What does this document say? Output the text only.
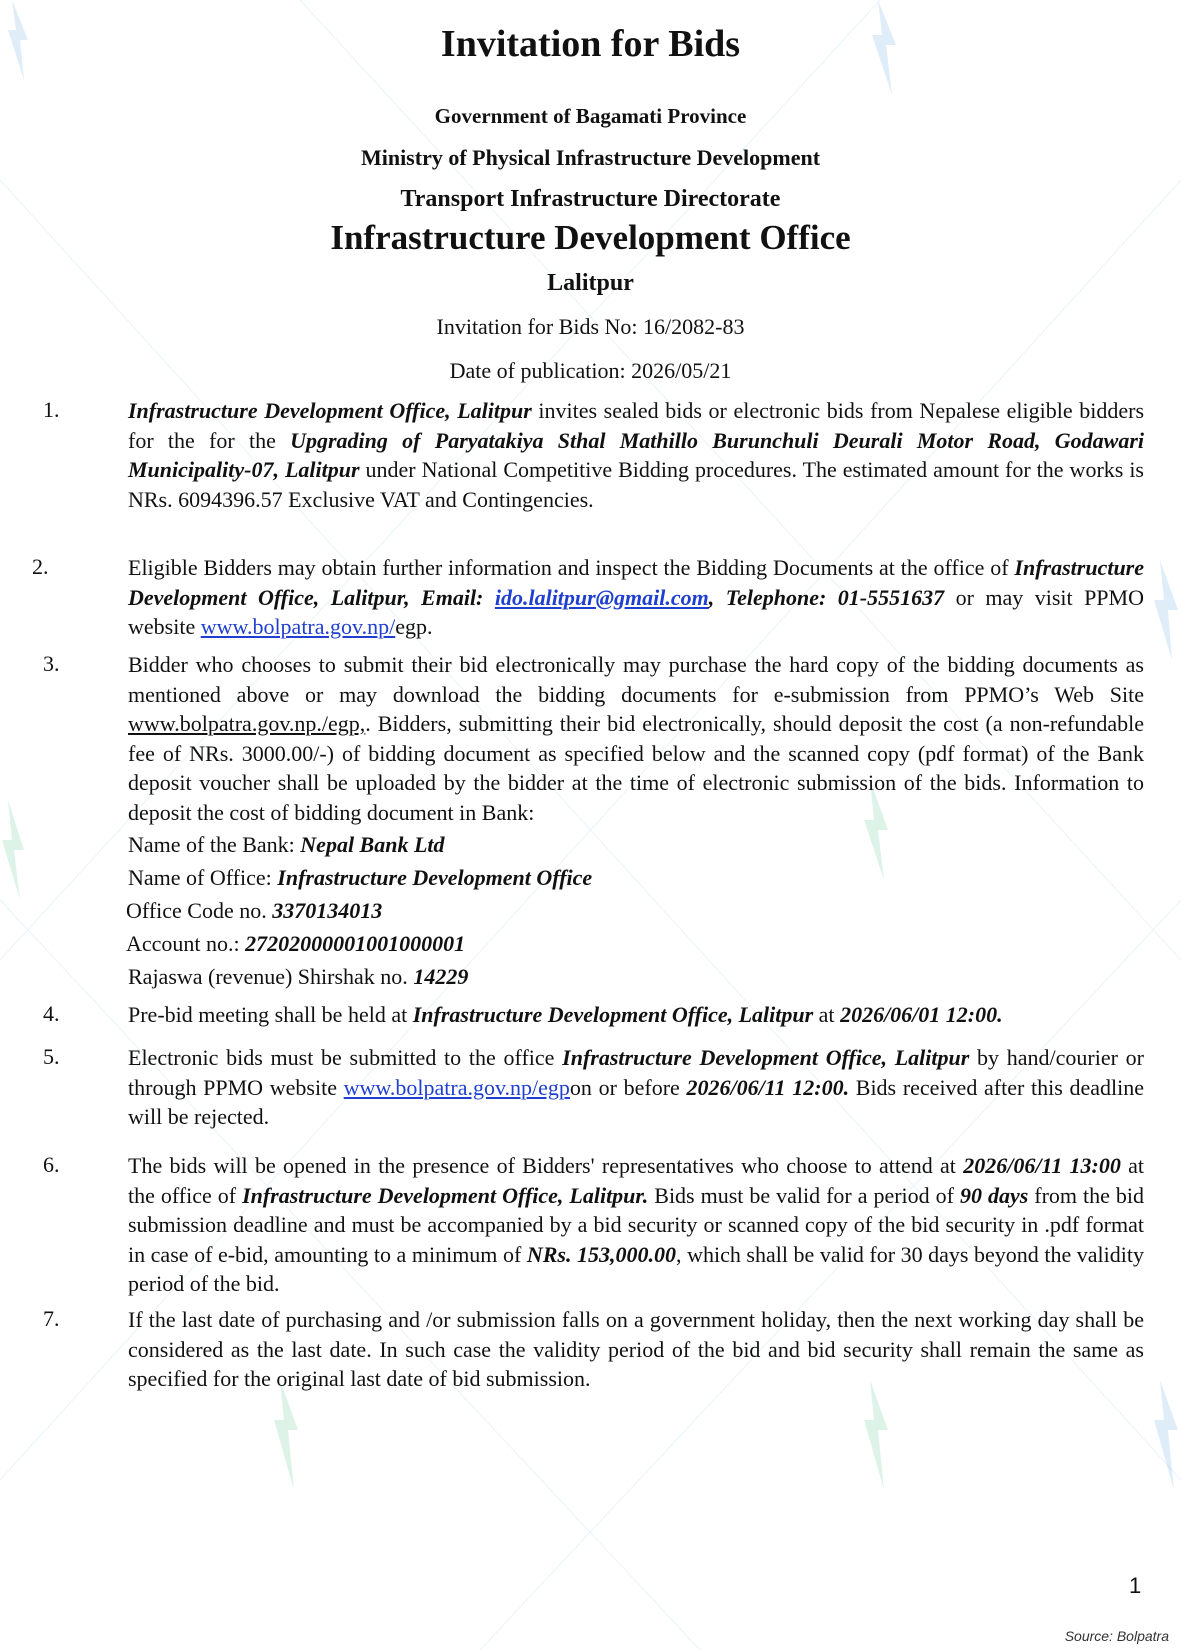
Invitation for Bids
Government of Bagamati Province
Ministry of Physical Infrastructure Development
Transport Infrastructure Directorate
Infrastructure Development Office
Lalitpur
Invitation for Bids No: 16/2082-83
Date of publication: 2026/05/21
1.	Infrastructure Development Office, Lalitpur invites sealed bids or electronic bids from Nepalese eligible bidders for the for the Upgrading of Paryatakiya Sthal Mathillo Burunchuli Deurali Motor Road, Godawari Municipality-07, Lalitpur under National Competitive Bidding procedures. The estimated amount for the works is NRs. 6094396.57 Exclusive VAT and Contingencies.
2.	Eligible Bidders may obtain further information and inspect the Bidding Documents at the office of Infrastructure Development Office, Lalitpur, Email: ido.lalitpur@gmail.com, Telephone: 01-5551637 or may visit PPMO website www.bolpatra.gov.np/egp.
3.	Bidder who chooses to submit their bid electronically may purchase the hard copy of the bidding documents as mentioned above or may download the bidding documents for e-submission from PPMO’s Web Site www.bolpatra.gov.np./egp,. Bidders, submitting their bid electronically, should deposit the cost (a non-refundable fee of NRs. 3000.00/-) of bidding document as specified below and the scanned copy (pdf format) of the Bank deposit voucher shall be uploaded by the bidder at the time of electronic submission of the bids. Information to deposit the cost of bidding document in Bank:
Name of the Bank: Nepal Bank Ltd
Name of Office: Infrastructure Development Office
Office Code no. 3370134013
Account no.: 27202000001001000001
Rajaswa (revenue) Shirshak no. 14229
4.	Pre-bid meeting shall be held at Infrastructure Development Office, Lalitpur at 2026/06/01 12:00.
5.	Electronic bids must be submitted to the office Infrastructure Development Office, Lalitpur by hand/courier or through PPMO website www.bolpatra.gov.np/egpon or before 2026/06/11 12:00. Bids received after this deadline will be rejected.
6.	The bids will be opened in the presence of Bidders' representatives who choose to attend at 2026/06/11 13:00 at the office of Infrastructure Development Office, Lalitpur. Bids must be valid for a period of 90 days from the bid submission deadline and must be accompanied by a bid security or scanned copy of the bid security in .pdf format in case of e-bid, amounting to a minimum of NRs. 153,000.00, which shall be valid for 30 days beyond the validity period of the bid.
7.	If the last date of purchasing and /or submission falls on a government holiday, then the next working day shall be considered as the last date. In such case the validity period of the bid and bid security shall remain the same as specified for the original last date of bid submission.
1
Source: Bolpatra
